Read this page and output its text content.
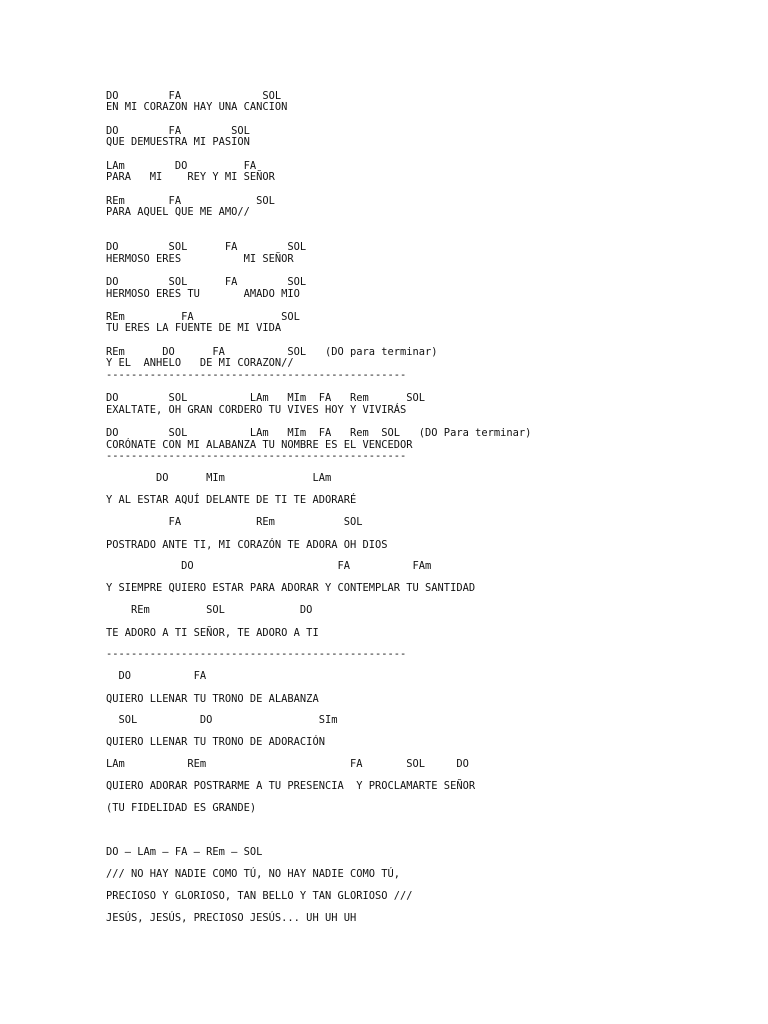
DO        FA             SOL
EN MI CORAZON HAY UNA CANCION
DO        FA        SOL
QUE DEMUESTRA MI PASION
LAm        DO         FA
PARA   MI    REY Y MI SEÑOR
REm       FA            SOL
PARA AQUEL QUE ME AMO//
DO        SOL      FA        SOL
HERMOSO ERES          MI SEÑOR
DO        SOL      FA        SOL
HERMOSO ERES TU       AMADO MIO
REm         FA              SOL
TU ERES LA FUENTE DE MI VIDA
REm      DO      FA          SOL   (DO para terminar)
Y EL  ANHELO   DE MI CORAZON//
------------------------------------------------
DO        SOL          LAm   MIm  FA   Rem      SOL
EXALTATE, OH GRAN CORDERO TU VIVES HOY Y VIVIRÁS
DO        SOL          LAm   MIm  FA   Rem  SOL   (DO Para terminar)
CORÓNATE CON MI ALABANZA TU NOMBRE ES EL VENCEDOR
------------------------------------------------
DO      MIm              LAm
Y AL ESTAR AQUÍ DELANTE DE TI TE ADORARÉ
FA            REm           SOL
POSTRADO ANTE TI, MI CORAZÓN TE ADORA OH DIOS
DO                       FA          FAm
Y SIEMPRE QUIERO ESTAR PARA ADORAR Y CONTEMPLAR TU SANTIDAD
REm         SOL            DO
TE ADORO A TI SEÑOR, TE ADORO A TI
------------------------------------------------
DO          FA
QUIERO LLENAR TU TRONO DE ALABANZA
SOL          DO                 SIm
QUIERO LLENAR TU TRONO DE ADORACIÓN
LAm          REm                       FA       SOL     DO
QUIERO ADORAR POSTRARME A TU PRESENCIA  Y PROCLAMARTE SEÑOR
(TU FIDELIDAD ES GRANDE)
DO – LAm – FA – REm – SOL
/// NO HAY NADIE COMO TÚ, NO HAY NADIE COMO TÚ,
PRECIOSO Y GLORIOSO, TAN BELLO Y TAN GLORIOSO ///
JESÚS, JESÚS, PRECIOSO JESÚS... UH UH UH
